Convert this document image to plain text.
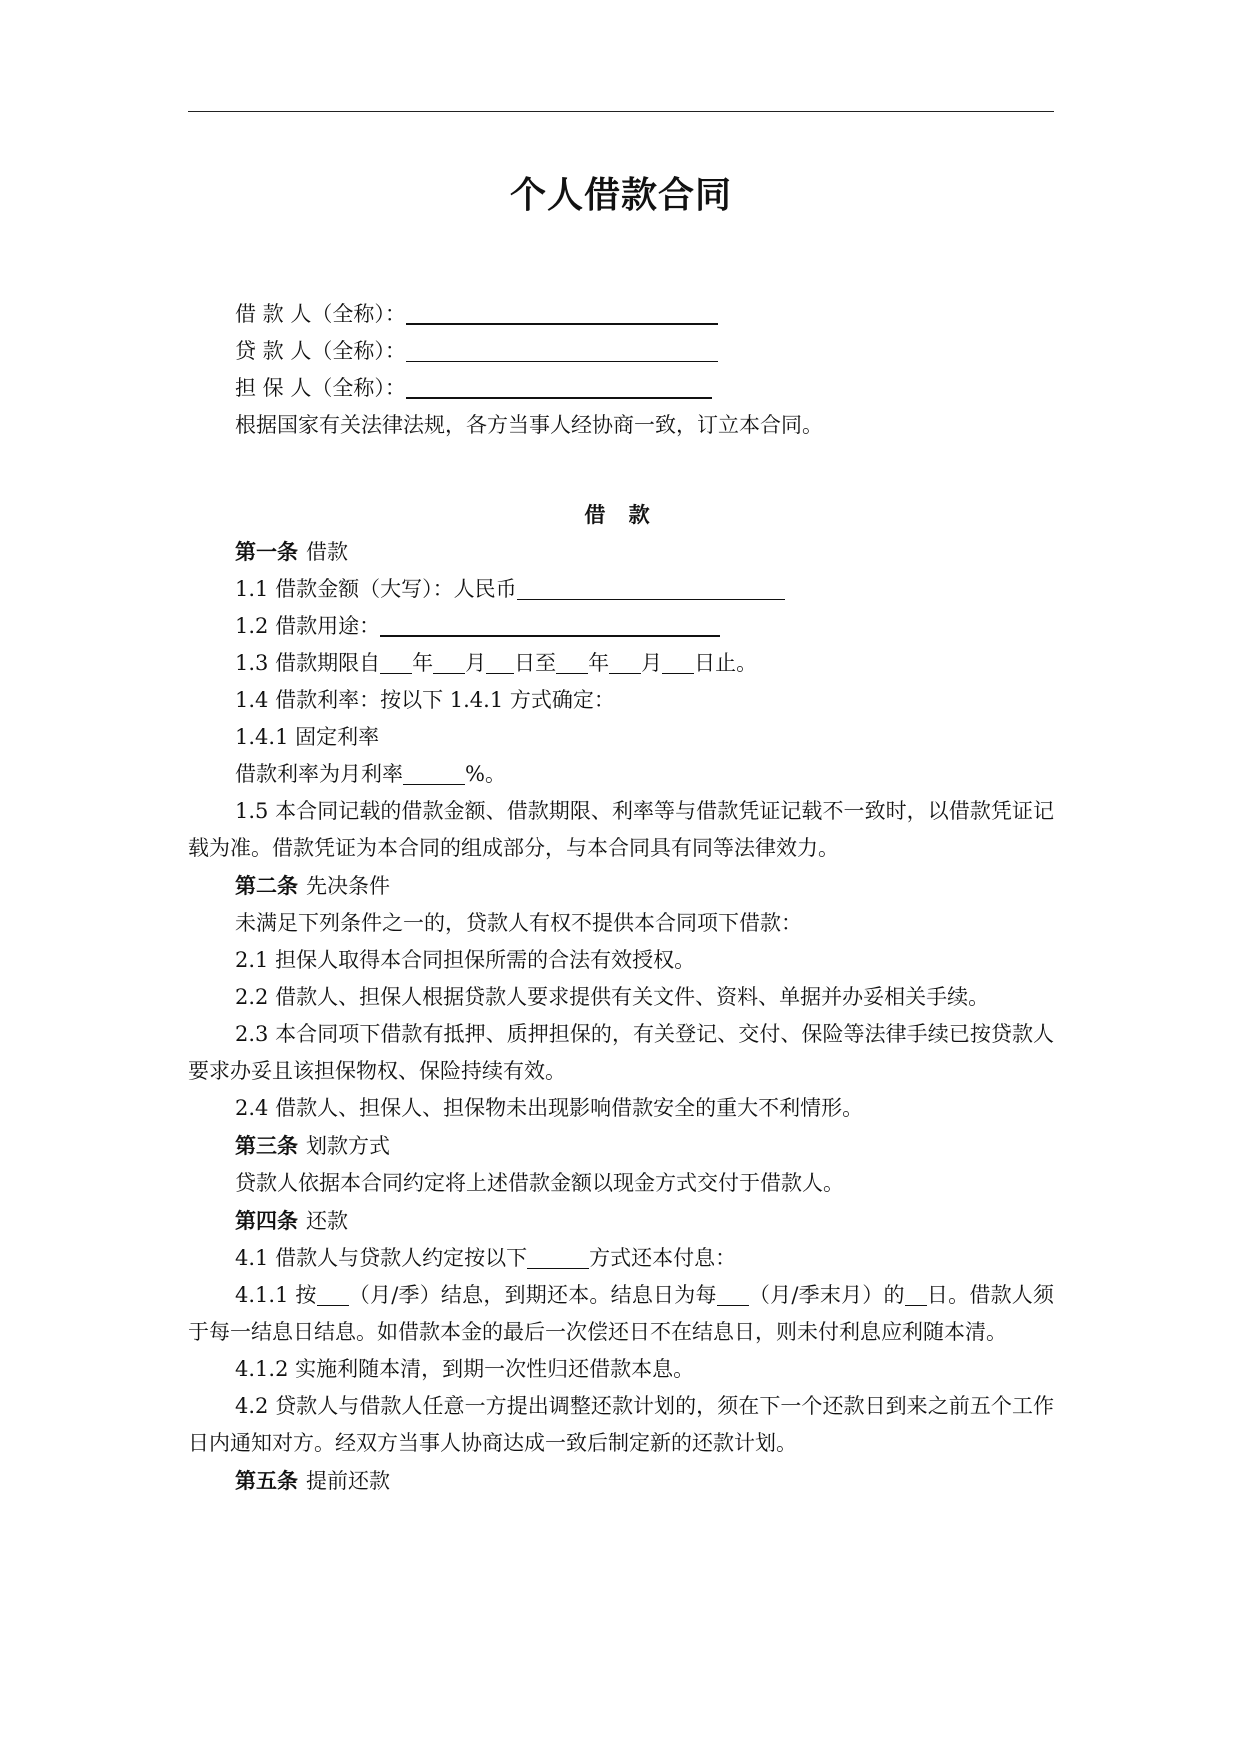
个人借款合同

借 款 人（全称）：

贷 款 人（全称）：

担 保 人（全称）：

根据国家有关法律法规，各方当事人经协商一致，订立本合同。

借 款

第一条 借款

1.1 借款金额（大写）：人民币

1.2 借款用途：

1.3 借款期限自 年 月 日至 年 月 日止。

1.4 借款利率：按以下 1.4.1 方式确定：

1.4.1 固定利率

借款利率为月利率	%。

1.5 本合同记载的借款金额、借款期限、利率等与借款凭证记载不一致时，以借款凭证记载为准。借款凭证为本合同的组成部分，与本合同具有同等法律效力。

第二条 先决条件

未满足下列条件之一的，贷款人有权不提供本合同项下借款：

2.1 担保人取得本合同担保所需的合法有效授权。

2.2 借款人、担保人根据贷款人要求提供有关文件、资料、单据并办妥相关手续。

2.3 本合同项下借款有抵押、质押担保的，有关登记、交付、保险等法律手续已按贷款人要求办妥且该担保物权、保险持续有效。

2.4 借款人、担保人、担保物未出现影响借款安全的重大不利情形。

第三条 划款方式

贷款人依据本合同约定将上述借款金额以现金方式交付于借款人。

第四条 还款

4.1 借款人与贷款人约定按以下	方式还本付息：

4.1.1 按 （月/季）结息，到期还本。结息日为每 （月/季末月）的 日。借款人须于每一结息日结息。如借款本金的最后一次偿还日不在结息日，则未付利息应利随本清。

4.1.2 实施利随本清，到期一次性归还借款本息。

4.2 贷款人与借款人任意一方提出调整还款计划的，须在下一个还款日到来之前五个工作日内通知对方。经双方当事人协商达成一致后制定新的还款计划。

第五条 提前还款
